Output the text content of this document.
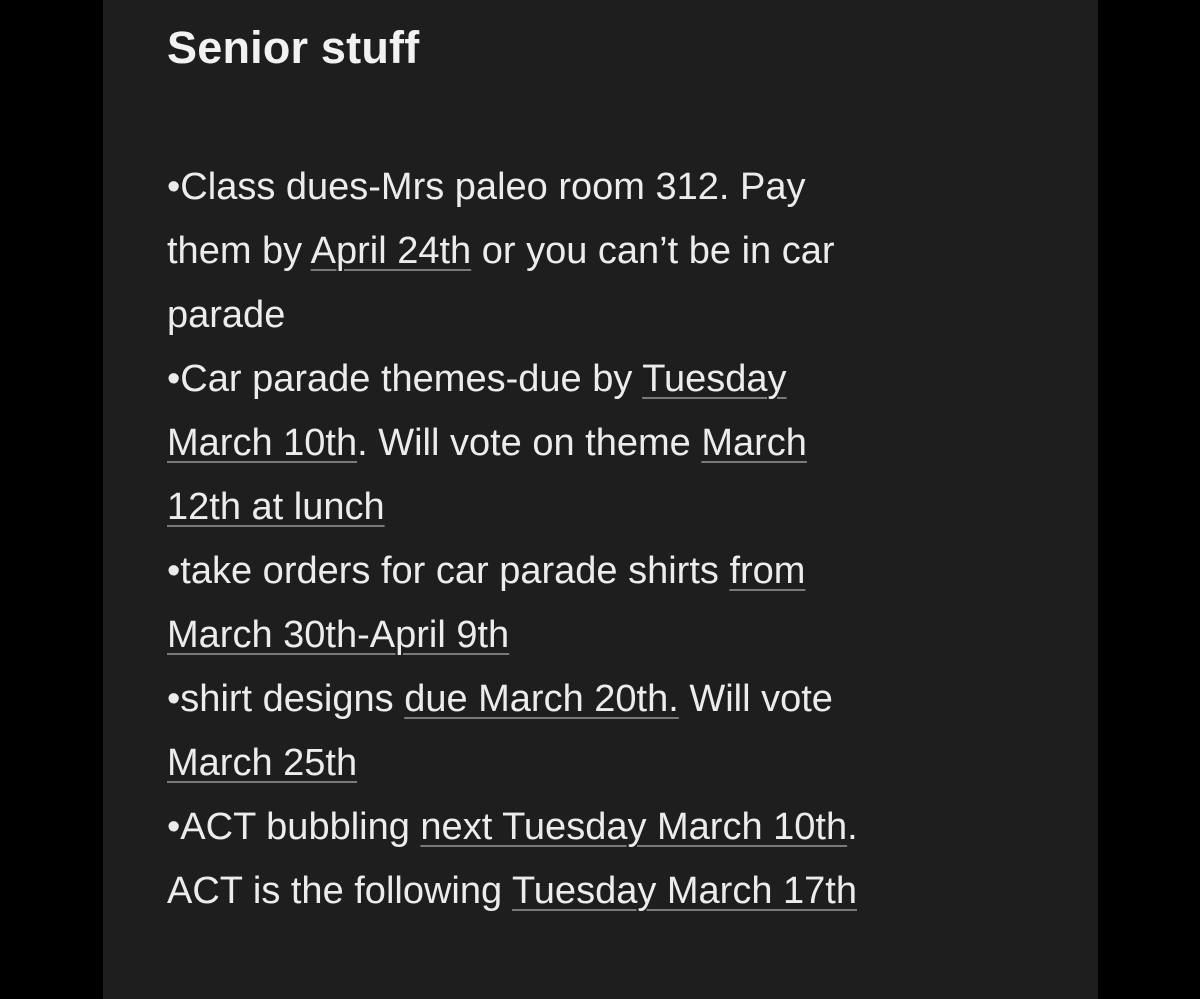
Senior stuff
•Class dues-Mrs paleo room 312. Pay
them by April 24th or you can’t be in car
parade
•Car parade themes-due by Tuesday
March 10th. Will vote on theme March
12th at lunch
•take orders for car parade shirts from
March 30th-April 9th
•shirt designs due March 20th. Will vote
March 25th
•ACT bubbling next Tuesday March 10th.
ACT is the following Tuesday March 17th
